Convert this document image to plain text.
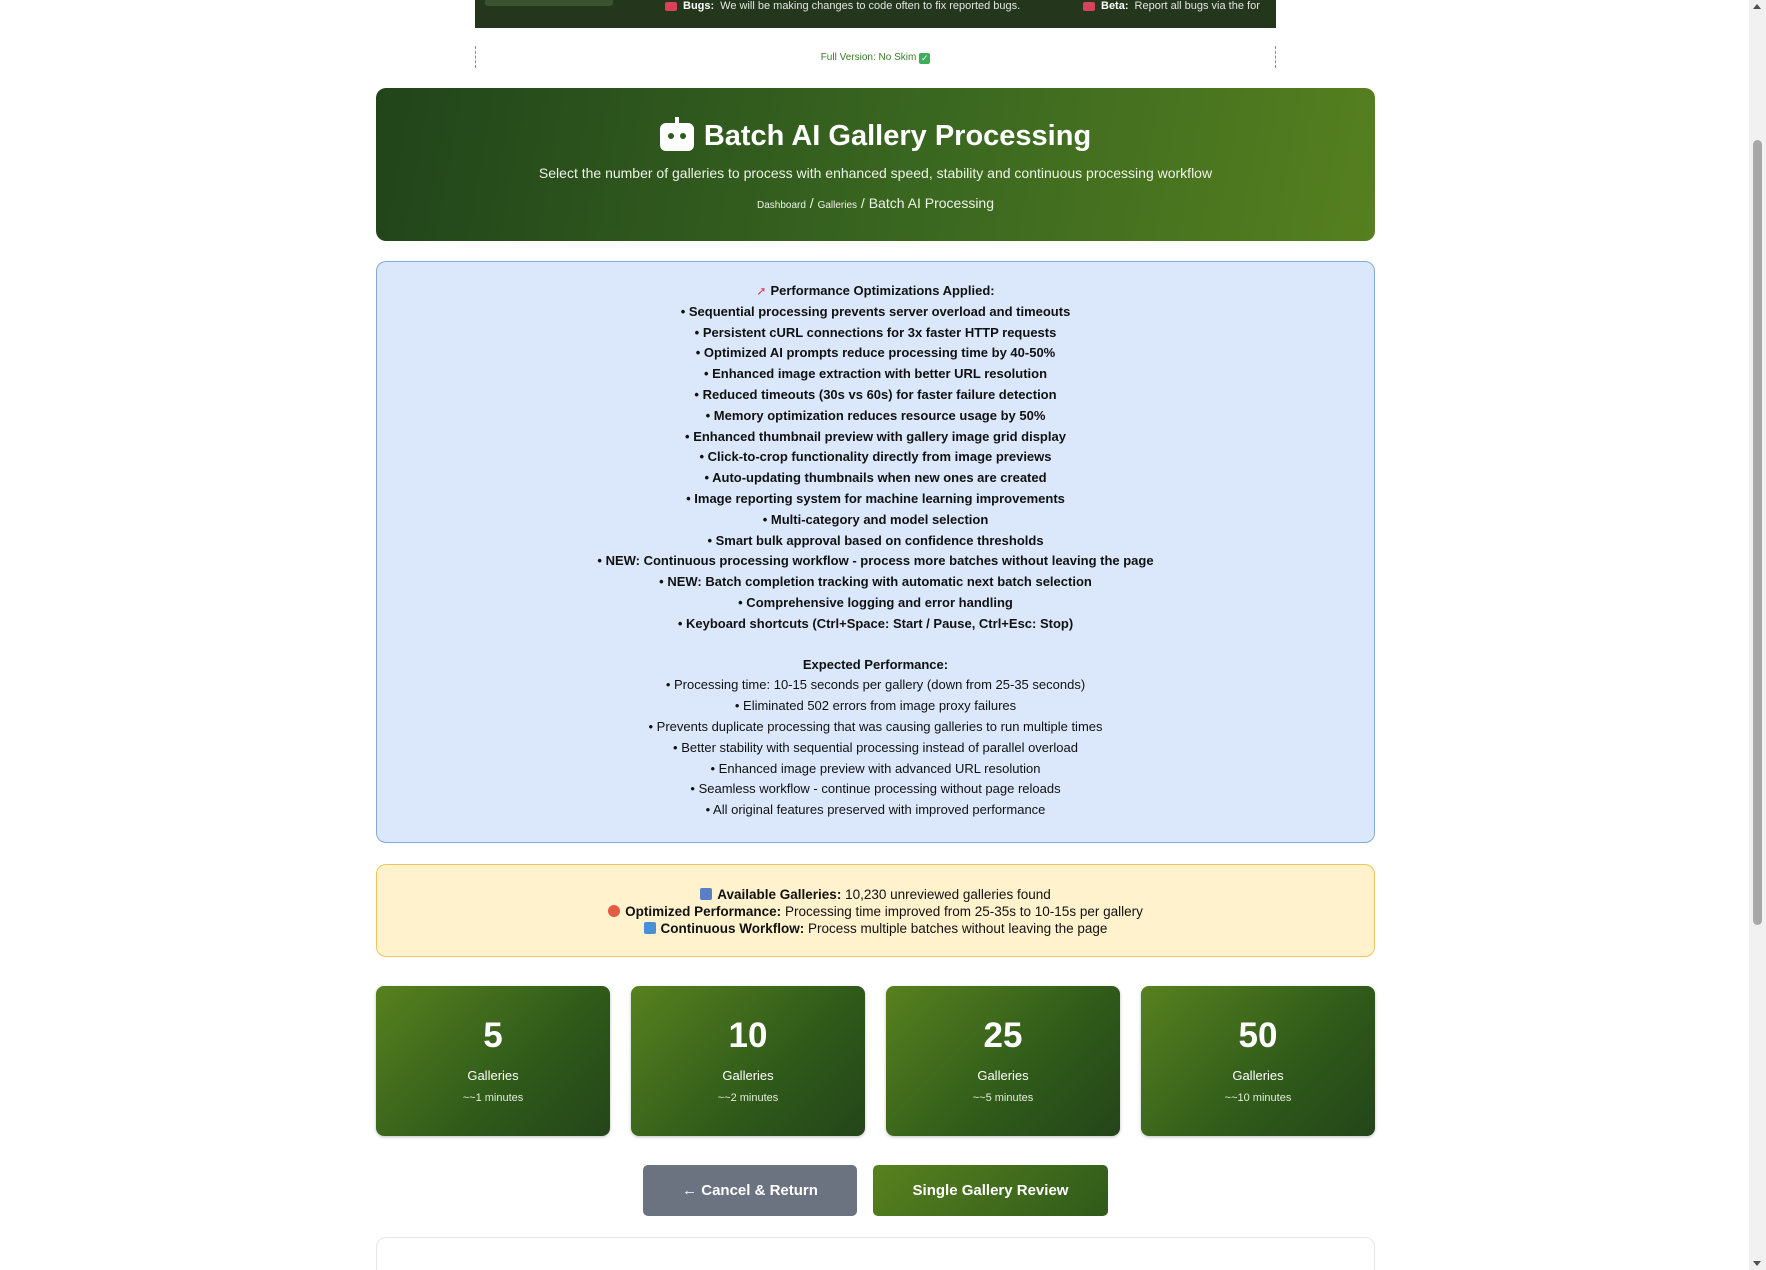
Bugs: We will be making changes to code often to fix reported bugs.	Beta: Report all bugs via the for
Full Version: No Skim ✓
Batch AI Gallery Processing
Select the number of galleries to process with enhanced speed, stability and continuous processing workflow
Dashboard / Galleries / Batch AI Processing
➚ Performance Optimizations Applied:
• Sequential processing prevents server overload and timeouts
• Persistent cURL connections for 3x faster HTTP requests
• Optimized AI prompts reduce processing time by 40-50%
• Enhanced image extraction with better URL resolution
• Reduced timeouts (30s vs 60s) for faster failure detection
• Memory optimization reduces resource usage by 50%
• Enhanced thumbnail preview with gallery image grid display
• Click-to-crop functionality directly from image previews
• Auto-updating thumbnails when new ones are created
• Image reporting system for machine learning improvements
• Multi-category and model selection
• Smart bulk approval based on confidence thresholds
• NEW: Continuous processing workflow - process more batches without leaving the page
• NEW: Batch completion tracking with automatic next batch selection
• Comprehensive logging and error handling
• Keyboard shortcuts (Ctrl+Space: Start / Pause, Ctrl+Esc: Stop)
Expected Performance:
• Processing time: 10-15 seconds per gallery (down from 25-35 seconds)
• Eliminated 502 errors from image proxy failures
• Prevents duplicate processing that was causing galleries to run multiple times
• Better stability with sequential processing instead of parallel overload
• Enhanced image preview with advanced URL resolution
• Seamless workflow - continue processing without page reloads
• All original features preserved with improved performance
Available Galleries: 10,230 unreviewed galleries found
Optimized Performance: Processing time improved from 25-35s to 10-15s per gallery
Continuous Workflow: Process multiple batches without leaving the page
5
Galleries
~~1 minutes
10
Galleries
~~2 minutes
25
Galleries
~~5 minutes
50
Galleries
~~10 minutes
← Cancel & Return	Single Gallery Review
